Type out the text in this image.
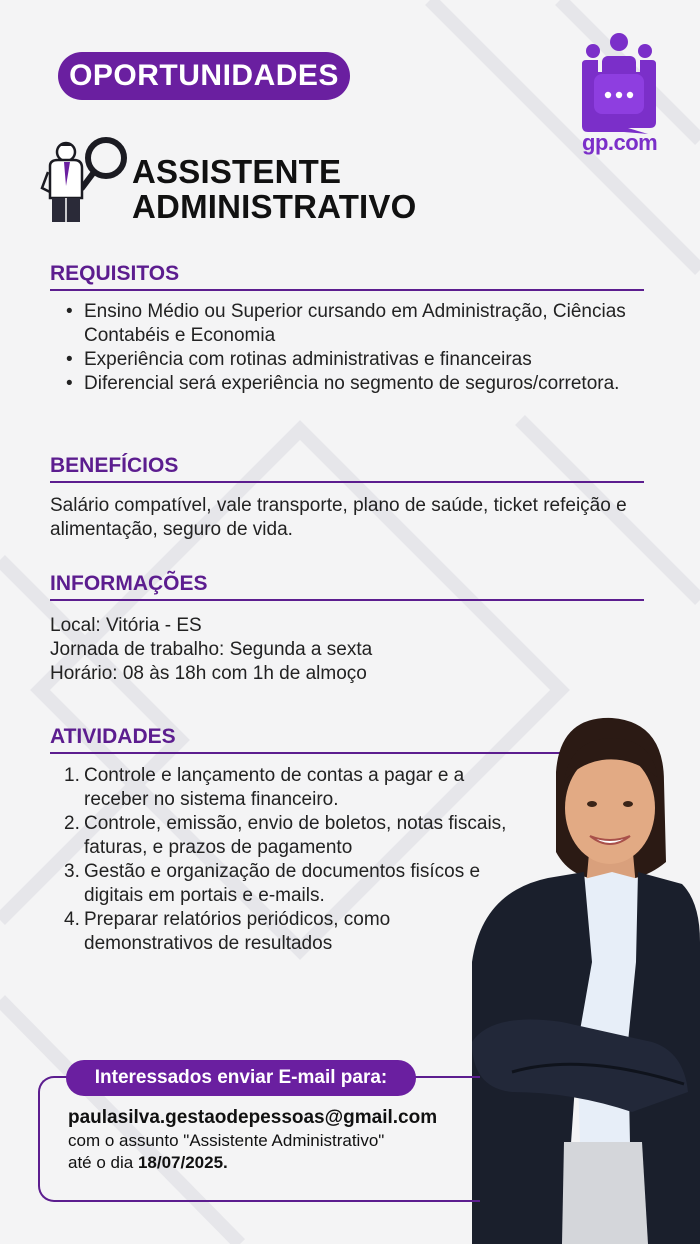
OPORTUNIDADES
gp.com
ASSISTENTE
ADMINISTRATIVO
REQUISITOS
• Ensino Médio ou Superior cursando em Administração, Ciências Contabéis e Economia
• Experiência com rotinas administrativas e financeiras
• Diferencial será experiência no segmento de seguros/corretora.
BENEFÍCIOS
Salário compatível, vale transporte, plano de saúde, ticket refeição e alimentação, seguro de vida.
INFORMAÇÕES
Local: Vitória - ES
Jornada de trabalho: Segunda a sexta
Horário: 08 às 18h com 1h de almoço
ATIVIDADES
1. Controle e lançamento de contas a pagar e a receber no sistema financeiro.
2. Controle, emissão, envio de boletos, notas fiscais, faturas, e prazos de pagamento
3. Gestão e organização de documentos fisícos e digitais em portais e e-mails.
4. Preparar relatórios periódicos, como demonstrativos de resultados
Interessados enviar E-mail para:
paulasilva.gestaodepessoas@gmail.com
com o assunto "Assistente Administrativo"
até o dia 18/07/2025.
